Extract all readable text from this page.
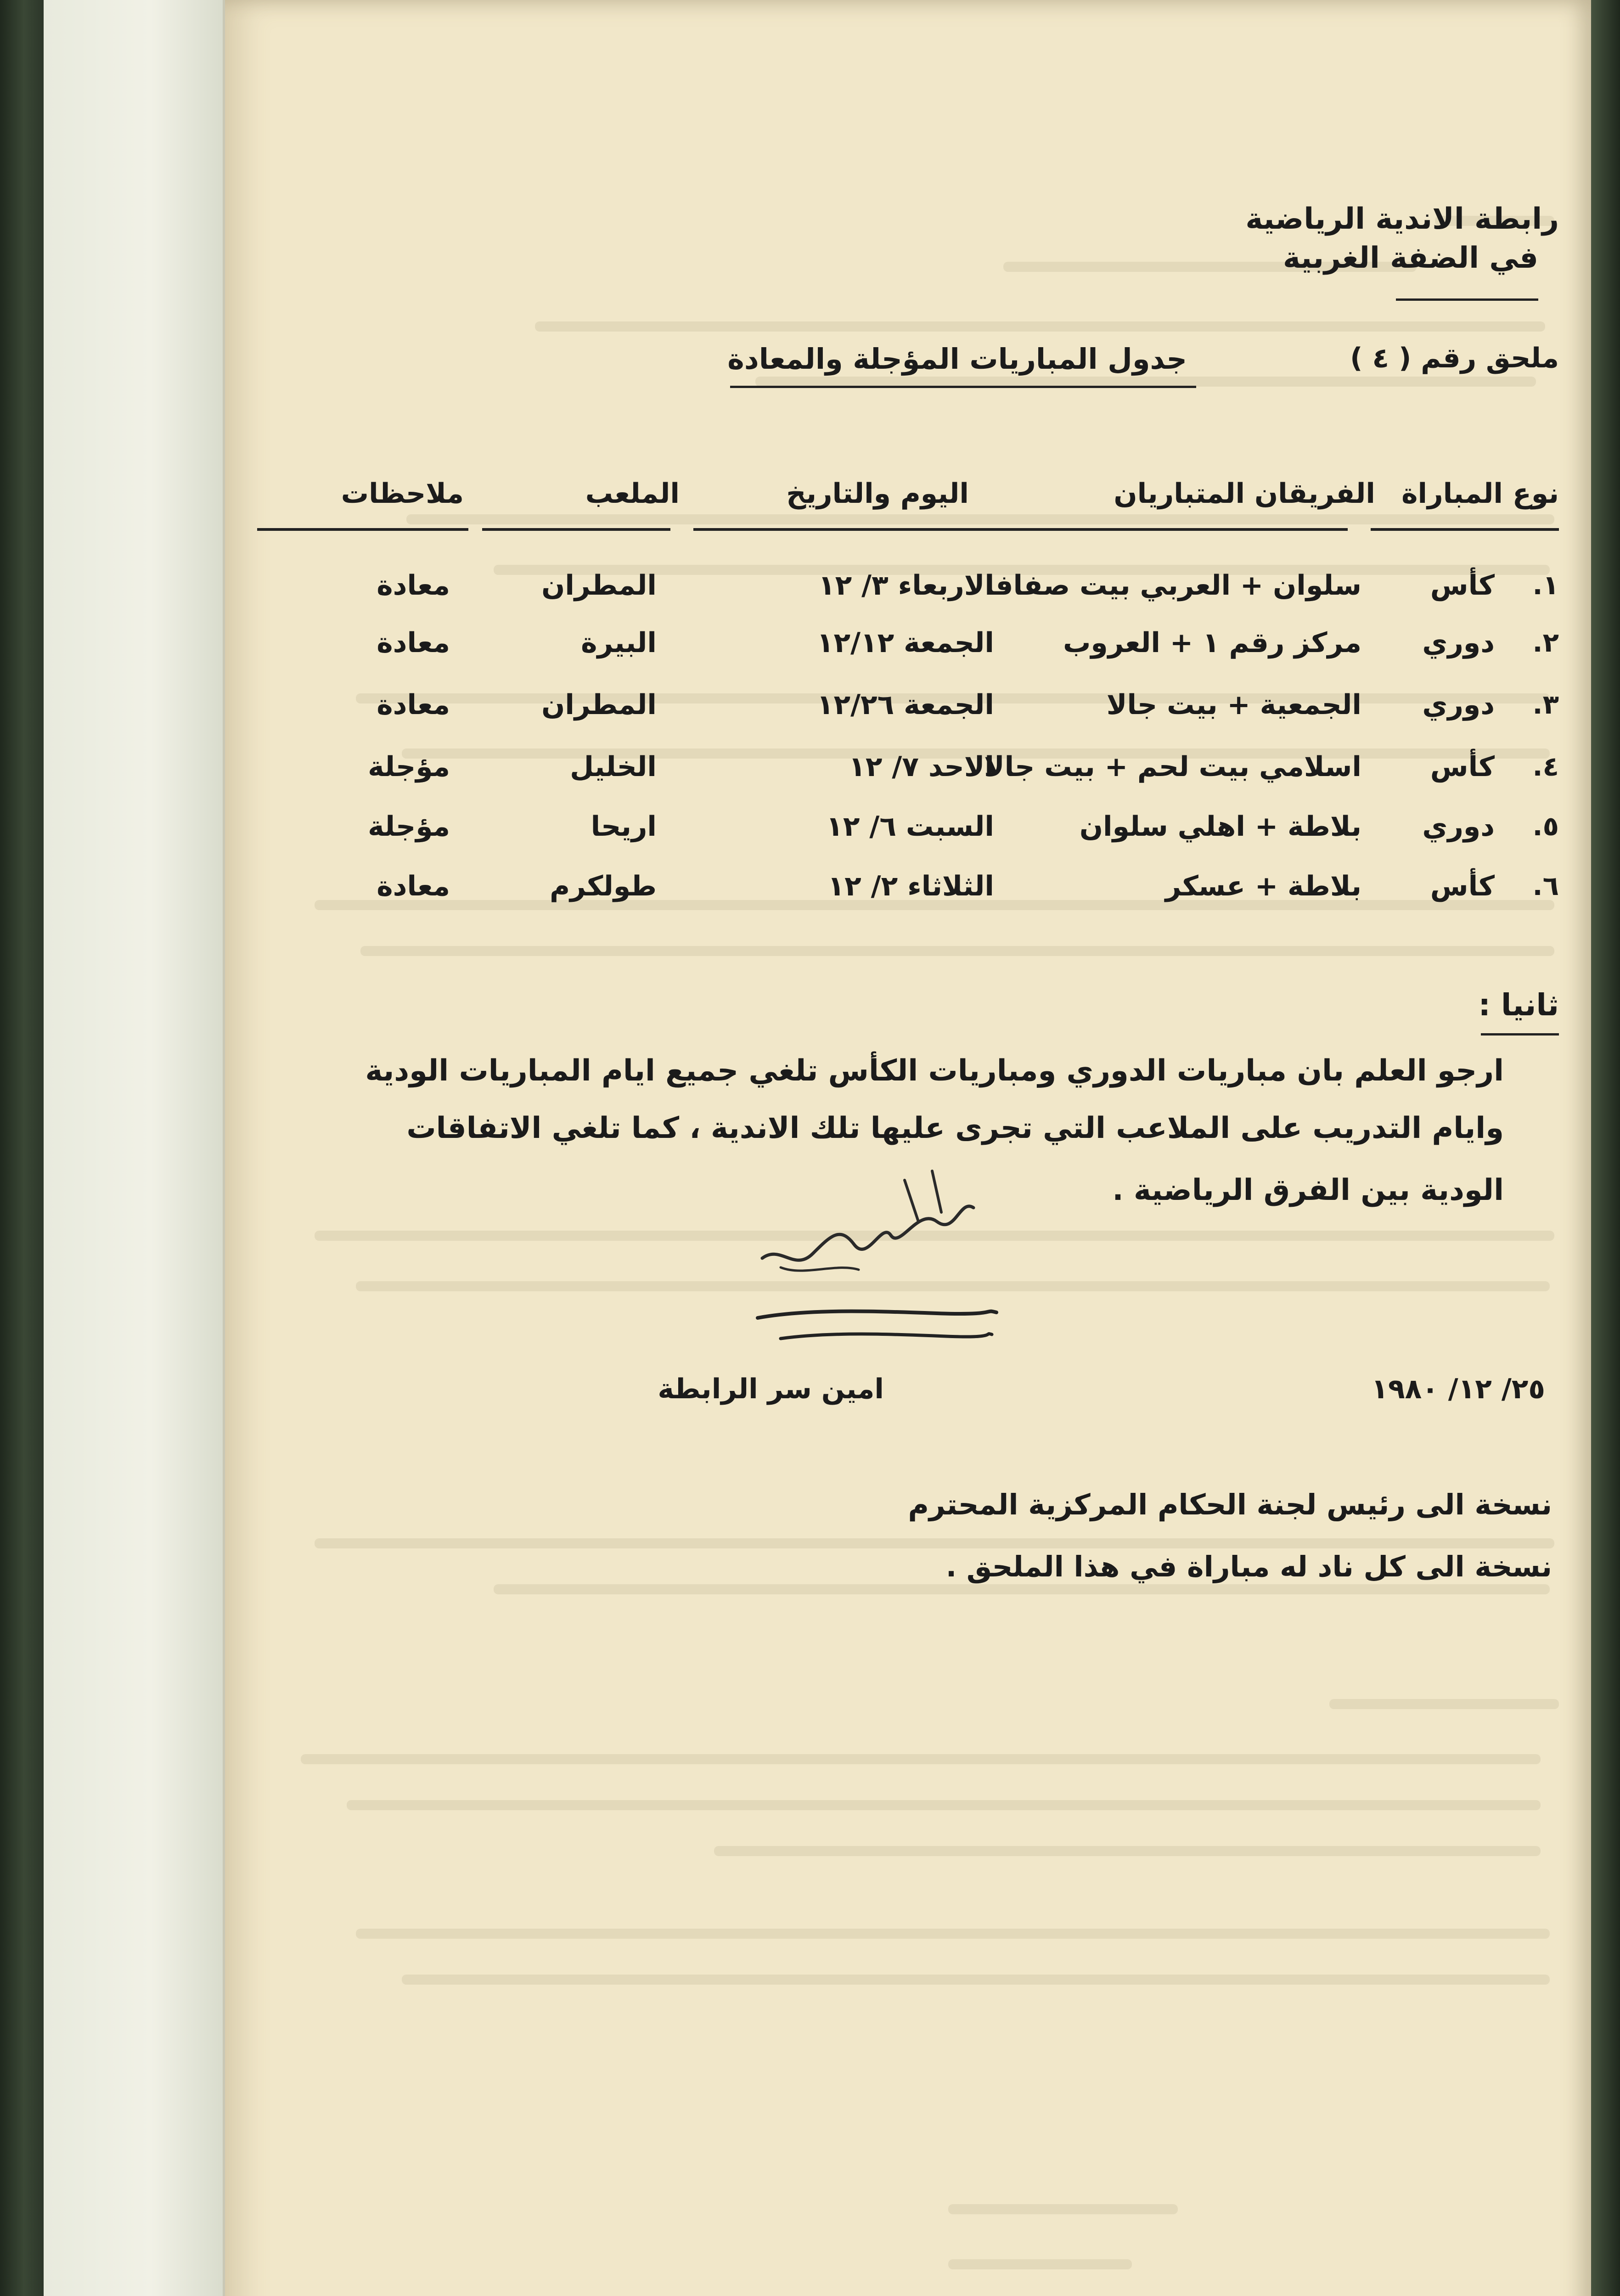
رابطة الاندية الرياضية
في الضفة الغربية
ملحق رقم ( ٤ )
جدول المباريات المؤجلة والمعادة
نوع المباراة
الفريقان المتباريان
اليوم والتاريخ
الملعب
ملاحظات
١.
كأس
سلوان + العربي بيت صفافا
الاربعاء ٣/ ١٢
المطران
معادة
٢.
دوري
مركز رقم ١ + العروب
الجمعة ١٢/١٢
البيرة
معادة
٣.
دوري
الجمعية + بيت جالا
الجمعة ١٢/٢٦
المطران
معادة
٤.
كأس
اسلامي بيت لحم + بيت جالا
الاحد ٧/ ١٢
الخليل
مؤجلة
٥.
دوري
بلاطة + اهلي سلوان
السبت ٦/ ١٢
اريحا
مؤجلة
٦.
كأس
بلاطة + عسكر
الثلاثاء ٢/ ١٢
طولكرم
معادة
ثانيا :
ارجو العلم بان مباريات الدوري ومباريات الكأس تلغي جميع ايام المباريات الودية
وايام التدريب على الملاعب التي تجرى عليها تلك الاندية ، كما تلغي الاتفاقات
الودية بين الفرق الرياضية .
امين سر الرابطة	٢٥/ ١٢/ ١٩٨٠
نسخة الى رئيس لجنة الحكام المركزية المحترم
نسخة الى كل ناد له مباراة في هذا الملحق .
